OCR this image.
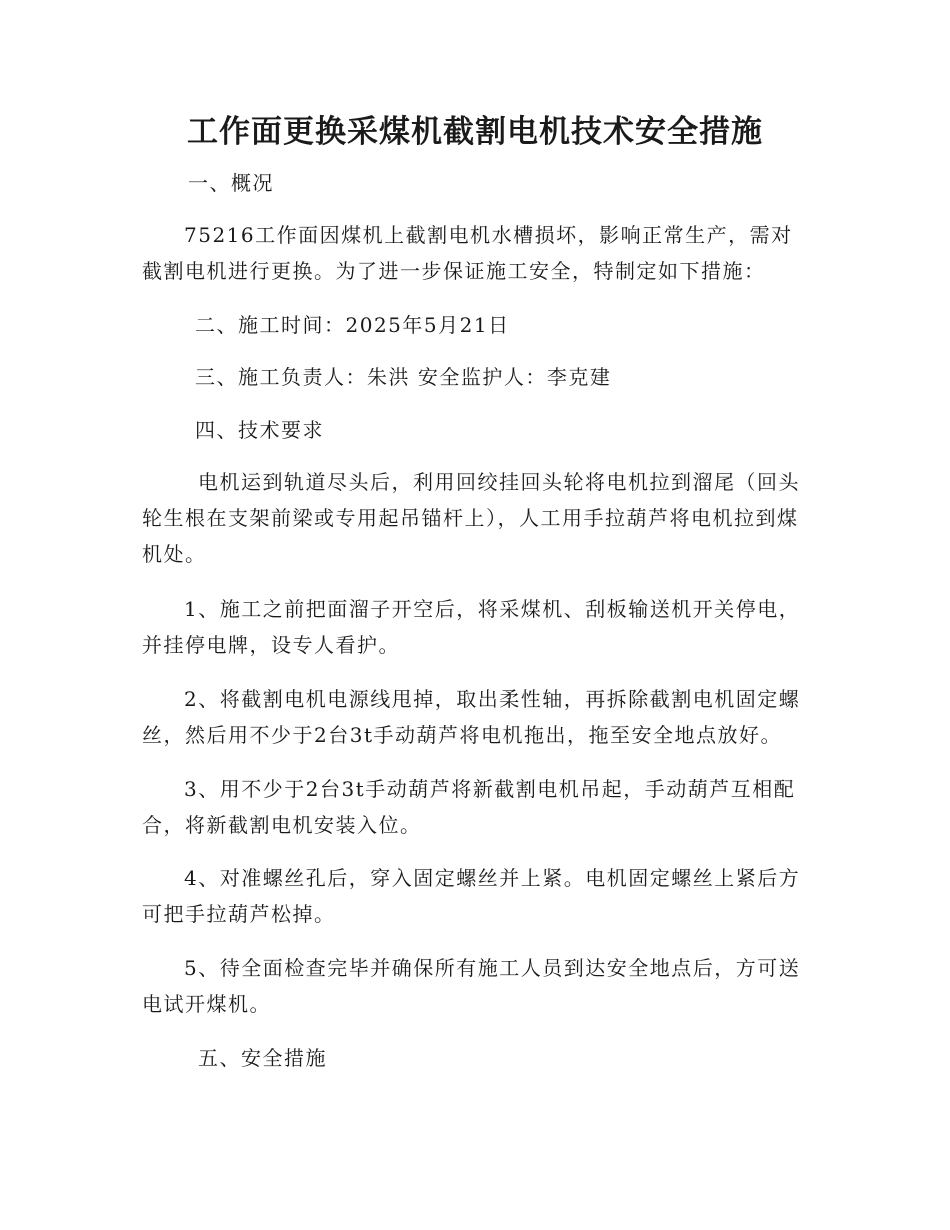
工作面更换采煤机截割电机技术安全措施

一、概况

75216工作面因煤机上截割电机水槽损坏，影响正常生产，需对截割电机进行更换。为了进一步保证施工安全，特制定如下措施：

二、施工时间：2025年5月21日

三、施工负责人：朱洪 安全监护人：李克建

四、技术要求

电机运到轨道尽头后，利用回绞挂回头轮将电机拉到溜尾（回头轮生根在支架前梁或专用起吊锚杆上），人工用手拉葫芦将电机拉到煤机处。

1、施工之前把面溜子开空后，将采煤机、刮板输送机开关停电，并挂停电牌，设专人看护。

2、将截割电机电源线甩掉，取出柔性轴，再拆除截割电机固定螺丝，然后用不少于2台3t手动葫芦将电机拖出，拖至安全地点放好。

3、用不少于2台3t手动葫芦将新截割电机吊起，手动葫芦互相配合，将新截割电机安装入位。

4、对准螺丝孔后，穿入固定螺丝并上紧。电机固定螺丝上紧后方可把手拉葫芦松掉。

5、待全面检查完毕并确保所有施工人员到达安全地点后，方可送电试开煤机。

五、安全措施
